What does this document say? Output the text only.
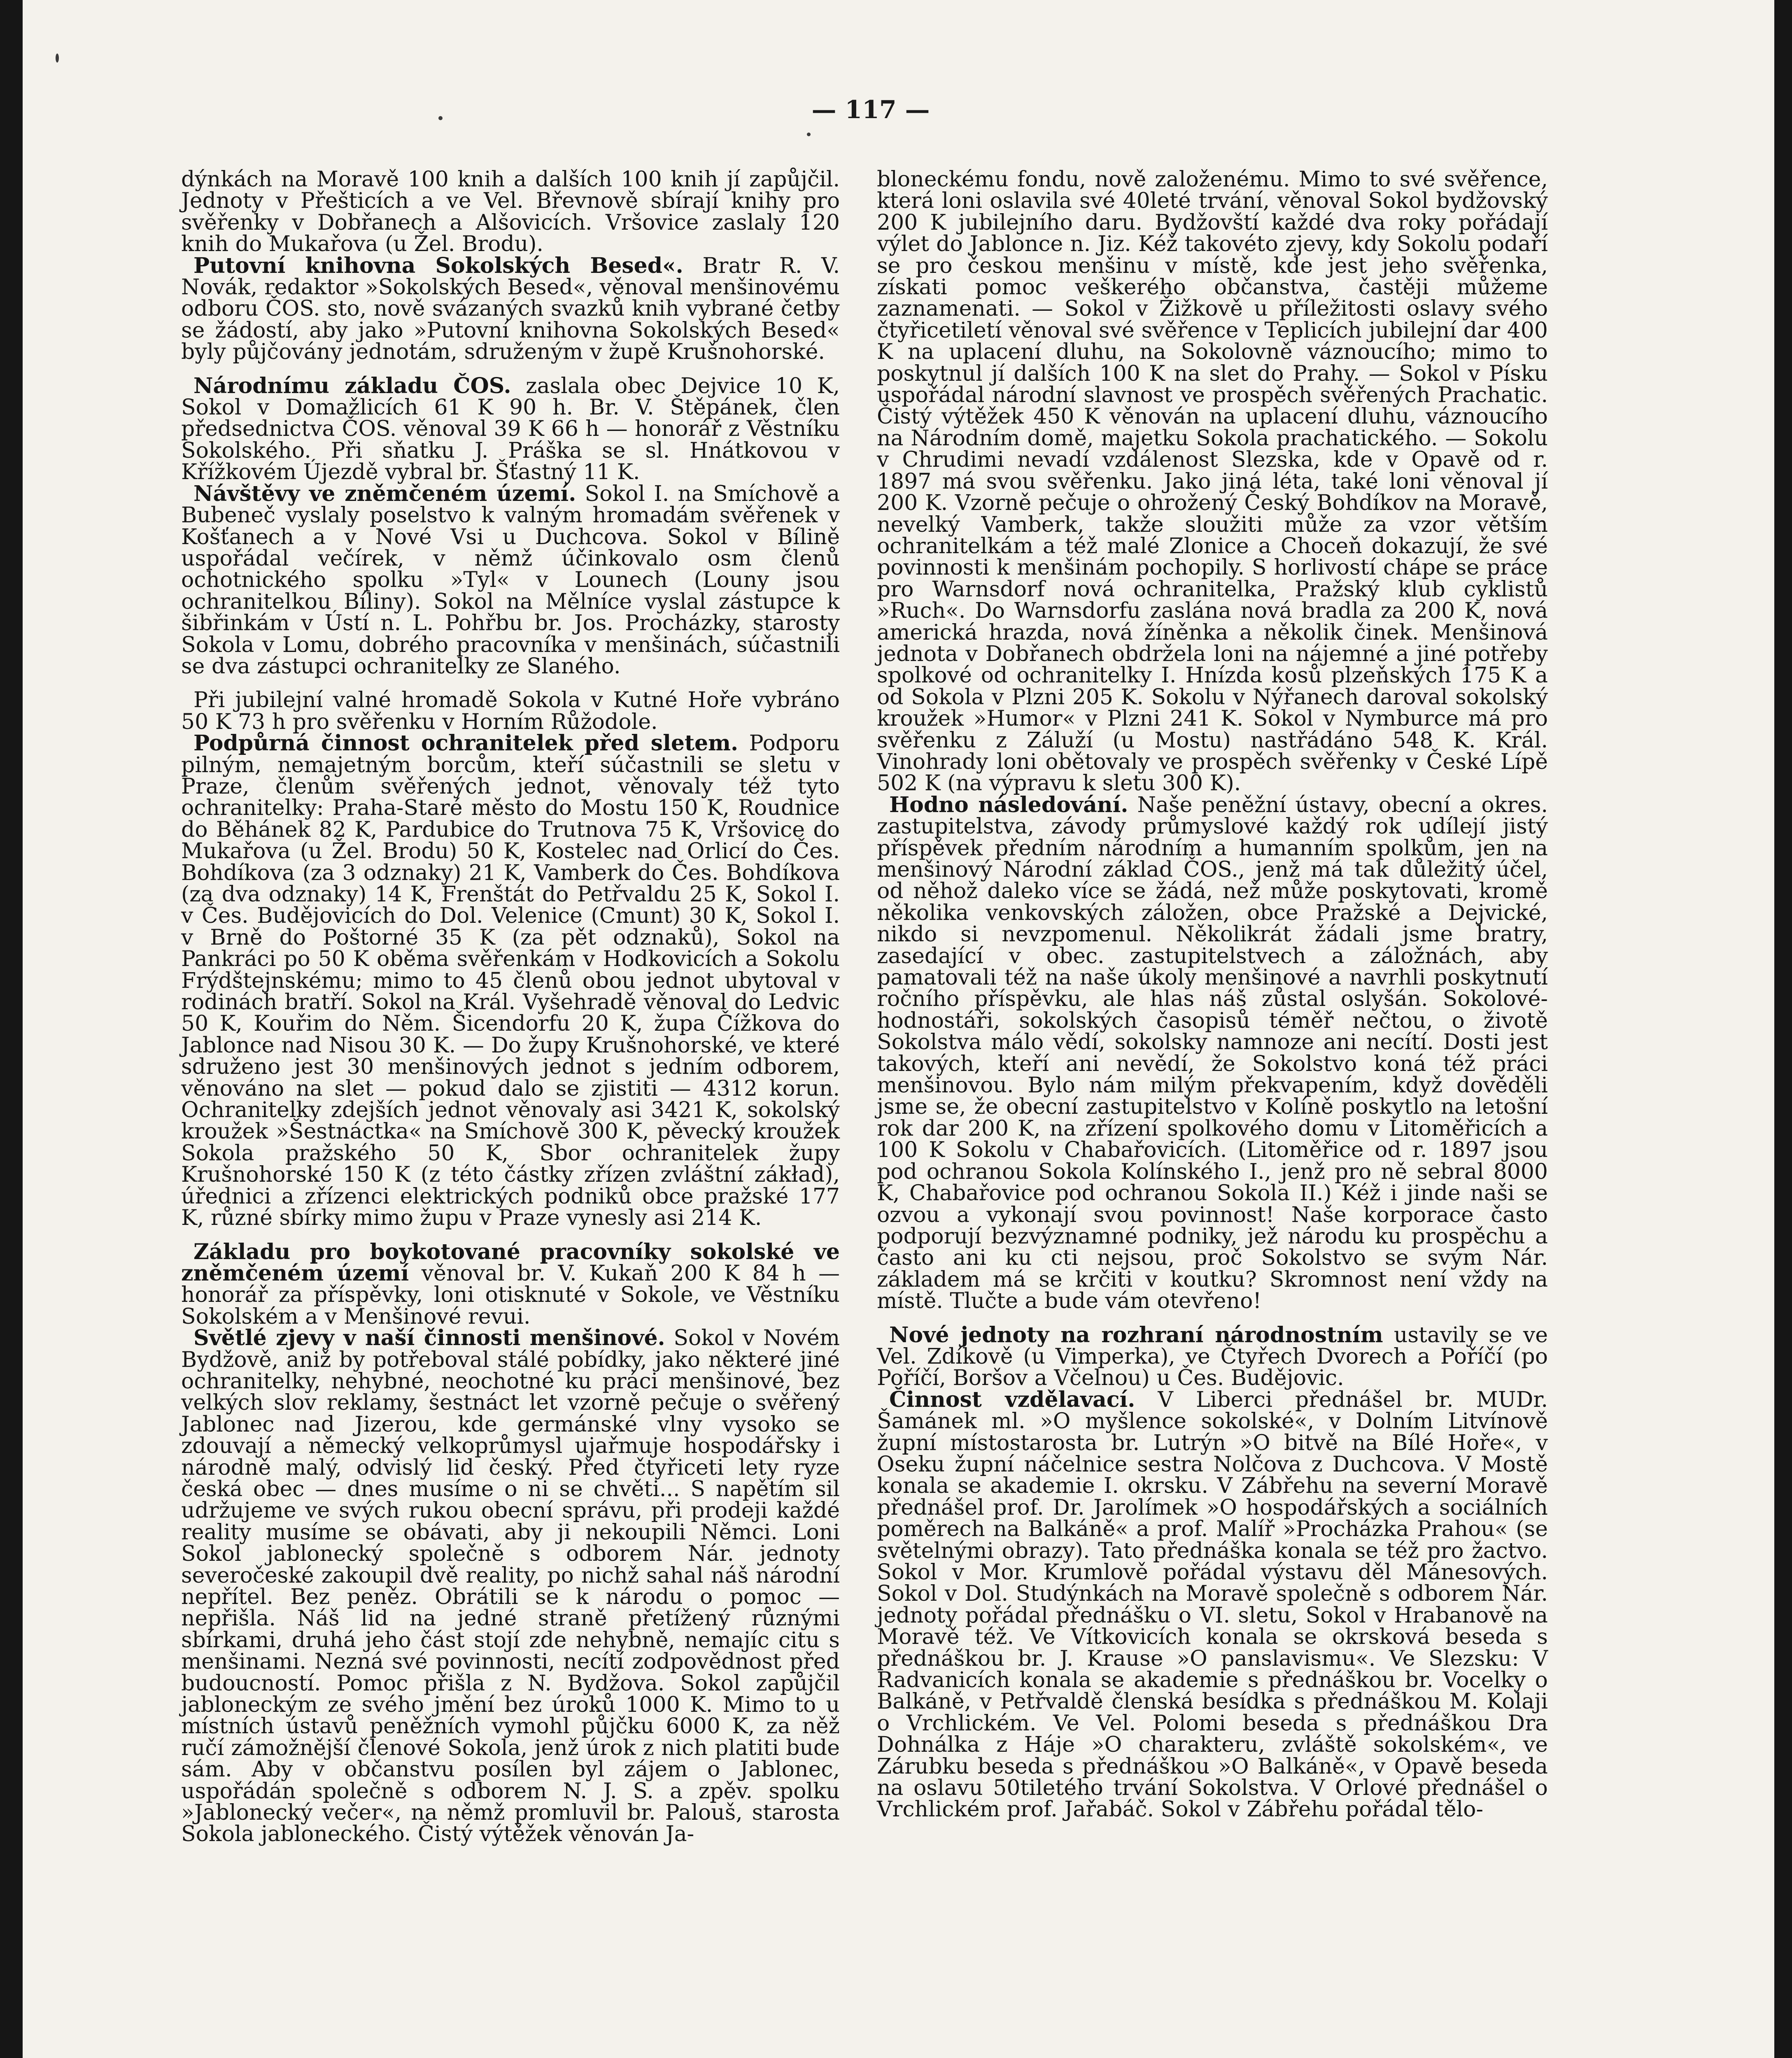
— 117 —

dýnkách na Moravě 100 knih a dalších 100 knih jí zapůjčil. Jednoty v Přešticích a ve Vel. Břevnově sbírají knihy pro svěřenky v Dobřanech a Alšovicích. Vršovice zaslaly 120 knih do Mukařova (u Žel. Brodu).

Putovní knihovna Sokolských Besed«. Bratr R. V. Novák, redaktor »Sokolských Besed«, věnoval menšinovému odboru ČOS. sto, nově svázaných svazků knih vybrané četby se žádostí, aby jako »Putovní knihovna Sokolských Besed« byly půjčovány jednotám, sdruženým v župě Krušnohorské.

Národnímu základu ČOS. zaslala obec Dejvice 10 K, Sokol v Domažlicích 61 K 90 h. Br. V. Štěpánek, člen předsednictva ČOS. věnoval 39 K 66 h — honorář z Věstníku Sokolského. Při sňatku J. Práška se sl. Hnátkovou v Křížkovém Újezdě vybral br. Šťastný 11 K.

Návštěvy ve zněmčeném území. Sokol I. na Smíchově a Bubeneč vyslaly poselstvo k valným hromadám svěřenek v Košťanech a v Nové Vsi u Duchcova. Sokol v Bílině uspořádal večírek, v němž účinkovalo osm členů ochotnického spolku »Tyl« v Lounech (Louny jsou ochranitelkou Bíliny). Sokol na Mělníce vyslal zástupce k šibřinkám v Ústí n. L. Pohřbu br. Jos. Procházky, starosty Sokola v Lomu, dobrého pracovníka v menšinách, súčastnili se dva zástupci ochranitelky ze Slaného.

Při jubilejní valné hromadě Sokola v Kutné Hoře vybráno 50 K 73 h pro svěřenku v Horním Růžodole.

Podpůrná činnost ochranitelek před sletem. Podporu pilným, nemajetným borcům, kteří súčastnili se sletu v Praze, členům svěřených jednot, věnovaly též tyto ochranitelky: Praha-Staré město do Mostu 150 K, Roudnice do Běhánek 82 K, Pardubice do Trutnova 75 K, Vršovice do Mukařova (u Žel. Brodu) 50 K, Kostelec nad Orlicí do Čes. Bohdíkova (za 3 odznaky) 21 K, Vamberk do Čes. Bohdíkova (za dva odznaky) 14 K, Frenštát do Petřvaldu 25 K, Sokol I. v Čes. Budějovicích do Dol. Velenice (Cmunt) 30 K, Sokol I. v Brně do Poštorné 35 K (za pět odznaků), Sokol na Pankráci po 50 K oběma svěřenkám v Hodkovicích a Sokolu Frýdštejnskému; mimo to 45 členů obou jednot ubytoval v rodinách bratří. Sokol na Král. Vyšehradě věnoval do Ledvic 50 K, Kouřim do Něm. Šicendorfu 20 K, župa Čížkova do Jablonce nad Nisou 30 K. — Do župy Krušnohorské, ve které sdruženo jest 30 menšinových jednot s jedním odborem, věnováno na slet — pokud dalo se zjistiti — 4312 korun. Ochranitelky zdejších jednot věnovaly asi 3421 K, sokolský kroužek »Šestnáctka« na Smíchově 300 K, pěvecký kroužek Sokola pražského 50 K, Sbor ochranitelek župy Krušnohorské 150 K (z této částky zřízen zvláštní zákład), úřednici a zřízenci elektrických podniků obce pražské 177 K, různé sbírky mimo župu v Praze vynesly asi 214 K.

Základu pro boykotované pracovníky sokolské ve zněmčeném území věnoval br. V. Kukaň 200 K 84 h — honorář za příspěvky, loni otisknuté v Sokole, ve Věstníku Sokolském a v Menšinové revui.

Světlé zjevy v naší činnosti menšinové. Sokol v Novém Bydžově, aniž by potřeboval stálé pobídky, jako některé jiné ochranitelky, nehybné, neochotné ku práci menšinové, bez velkých slov reklamy, šestnáct let vzorně pečuje o svěřený Jablonec nad Jizerou, kde germánské vlny vysoko se zdouvají a německý velkoprůmysl ujařmuje hospodářsky i národně malý, odvislý lid český. Před čtyřiceti lety ryze česká obec — dnes musíme o ni se chvěti... S napětím sil udržujeme ve svých rukou obecní správu, při prodeji každé reality musíme se obávati, aby ji nekoupili Němci. Loni Sokol jablonecký společně s odborem Nár. jednoty severočeské zakoupil dvě reality, po nichž sahal náš národní nepřítel. Bez peněz. Obrátili se k národu o pomoc — nepřišla. Náš lid na jedné straně přetížený různými sbírkami, druhá jeho část stojí zde nehybně, nemajíc citu s menšinami. Nezná své povinnosti, necítí zodpovědnost před budoucností. Pomoc přišla z N. Bydžova. Sokol zapůjčil jabloneckým ze svého jmění bez úroků 1000 K. Mimo to u místních ústavů peněžních vymohl půjčku 6000 K, za něž ručí zámožnější členové Sokola, jenž úrok z nich platiti bude sám. Aby v občanstvu posílen byl zájem o Jablonec, uspořádán společně s odborem N. J. S. a zpěv. spolku »Jablonecký večer«, na němž promluvil br. Palouš, starosta Sokola jabloneckého. Čistý výtěžek věnován Ja-

bloneckému fondu, nově založenému. Mimo to své svěřence, která loni oslavila své 40leté trvání, věnoval Sokol bydžovský 200 K jubilejního daru. Bydžovští každé dva roky pořádají výlet do Jablonce n. Jiz. Kéž takovéto zjevy, kdy Sokolu podaří se pro českou menšinu v místě, kde jest jeho svěřenka, získati pomoc veškerého občanstva, častěji můžeme zaznamenati. — Sokol v Žižkově u příležitosti oslavy svého čtyřicetiletí věnoval své svěřence v Teplicích jubilejní dar 400 K na uplacení dluhu, na Sokolovně váznoucího; mimo to poskytnul jí dalších 100 K na slet do Prahy. — Sokol v Písku uspořádal národní slavnost ve prospěch svěřených Prachatic. Čistý výtěžek 450 K věnován na uplacení dluhu, váznoucího na Národním domě, majetku Sokola prachatického. — Sokolu v Chrudimi nevadí vzdálenost Slezska, kde v Opavě od r. 1897 má svou svěřenku. Jako jiná léta, také loni věnoval jí 200 K. Vzorně pečuje o ohrožený Český Bohdíkov na Moravě, nevelký Vamberk, takže sloužiti může za vzor větším ochranitelkám a též malé Zlonice a Choceň dokazují, že své povinnosti k menšinám pochopily. S horlivostí chápe se práce pro Warnsdorf nová ochranitelka, Pražský klub cyklistů »Ruch«. Do Warnsdorfu zaslána nová bradla za 200 K, nová americká hrazda, nová žíněnka a několik činek. Menšinová jednota v Dobřanech obdržela loni na nájemné a jiné potřeby spolkové od ochranitelky I. Hnízda kosů plzeňských 175 K a od Sokola v Plzni 205 K. Sokolu v Nýřanech daroval sokolský kroužek »Humor« v Plzni 241 K. Sokol v Nymburce má pro svěřenku z Záluží (u Mostu) nastřádáno 548 K. Král. Vinohrady loni obětovaly ve prospěch svěřenky v České Lípě 502 K (na výpravu k sletu 300 K).

Hodno následování. Naše peněžní ústavy, obecní a okres. zastupitelstva, závody průmyslové každý rok udílejí jistý příspěvek předním národním a humanním spolkům, jen na menšinový Národní základ ČOS., jenž má tak důležitý účel, od něhož daleko více se žádá, než může poskytovati, kromě několika venkovských záložen, obce Pražské a Dejvické, nikdo si nevzpomenul. Několikrát žádali jsme bratry, zasedající v obec. zastupitelstvech a záložnách, aby pamatovali též na naše úkoly menšinové a navrhli poskytnutí ročního příspěvku, ale hlas náš zůstal oslyšán. Sokolové-hodnostáři, sokolských časopisů téměř nečtou, o životě Sokolstva málo vědí, sokolsky namnoze ani necítí. Dosti jest takových, kteří ani nevědí, že Sokolstvo koná též práci menšinovou. Bylo nám milým překvapením, když dověděli jsme se, že obecní zastupitelstvo v Kolíně poskytlo na letošní rok dar 200 K, na zřízení spolkového domu v Litoměřicích a 100 K Sokolu v Chabařovicích. (Litoměřice od r. 1897 jsou pod ochranou Sokola Kolínského I., jenž pro ně sebral 8000 K, Chabařovice pod ochranou Sokola II.) Kéž i jinde naši se ozvou a vykonají svou povinnost! Naše korporace často podporují bezvýznamné podniky, jež národu ku prospěchu a často ani ku cti nejsou, proč Sokolstvo se svým Nár. základem má se krčiti v koutku? Skromnost není vždy na místě. Tlučte a bude vám otevřeno!

Nové jednoty na rozhraní národnostním ustavily se ve Vel. Zdíkově (u Vimperka), ve Čtyřech Dvorech a Poříčí (po Poříčí, Boršov a Včelnou) u Čes. Budějovic.

Činnost vzdělavací. V Liberci přednášel br. MUDr. Šamánek ml. »O myšlence sokolské«, v Dolním Litvínově župní místostarosta br. Lutrýn »O bitvě na Bílé Hoře«, v Oseku župní náčelnice sestra Nolčova z Duchcova. V Mostě konala se akademie I. okrsku. V Zábřehu na severní Moravě přednášel prof. Dr. Jarolímek »O hospodářských a sociálních poměrech na Balkáně« a prof. Malíř »Procházka Prahou« (se světelnými obrazy). Tato přednáška konala se též pro žactvo. Sokol v Mor. Krumlově pořádal výstavu děl Mánesových. Sokol v Dol. Studýnkách na Moravě společně s odborem Nár. jednoty pořádal přednášku o VI. sletu, Sokol v Hrabanově na Moravě též. Ve Vítkovicích konala se okrsková beseda s přednáškou br. J. Krause »O panslavismu«. Ve Slezsku: V Radvanicích konala se akademie s přednáškou br. Vocelky o Balkáně, v Petřvaldě členská besídka s přednáškou M. Kolaji o Vrchlickém. Ve Vel. Polomi beseda s přednáškou Dra Dohnálka z Háje »O charakteru, zvláště sokolském«, ve Zárubku beseda s přednáškou »O Balkáně«, v Opavě beseda na oslavu 50tiletého trvání Sokolstva. V Orlové přednášel o Vrchlickém prof. Jařabáč. Sokol v Zábřehu pořádal tělo-
